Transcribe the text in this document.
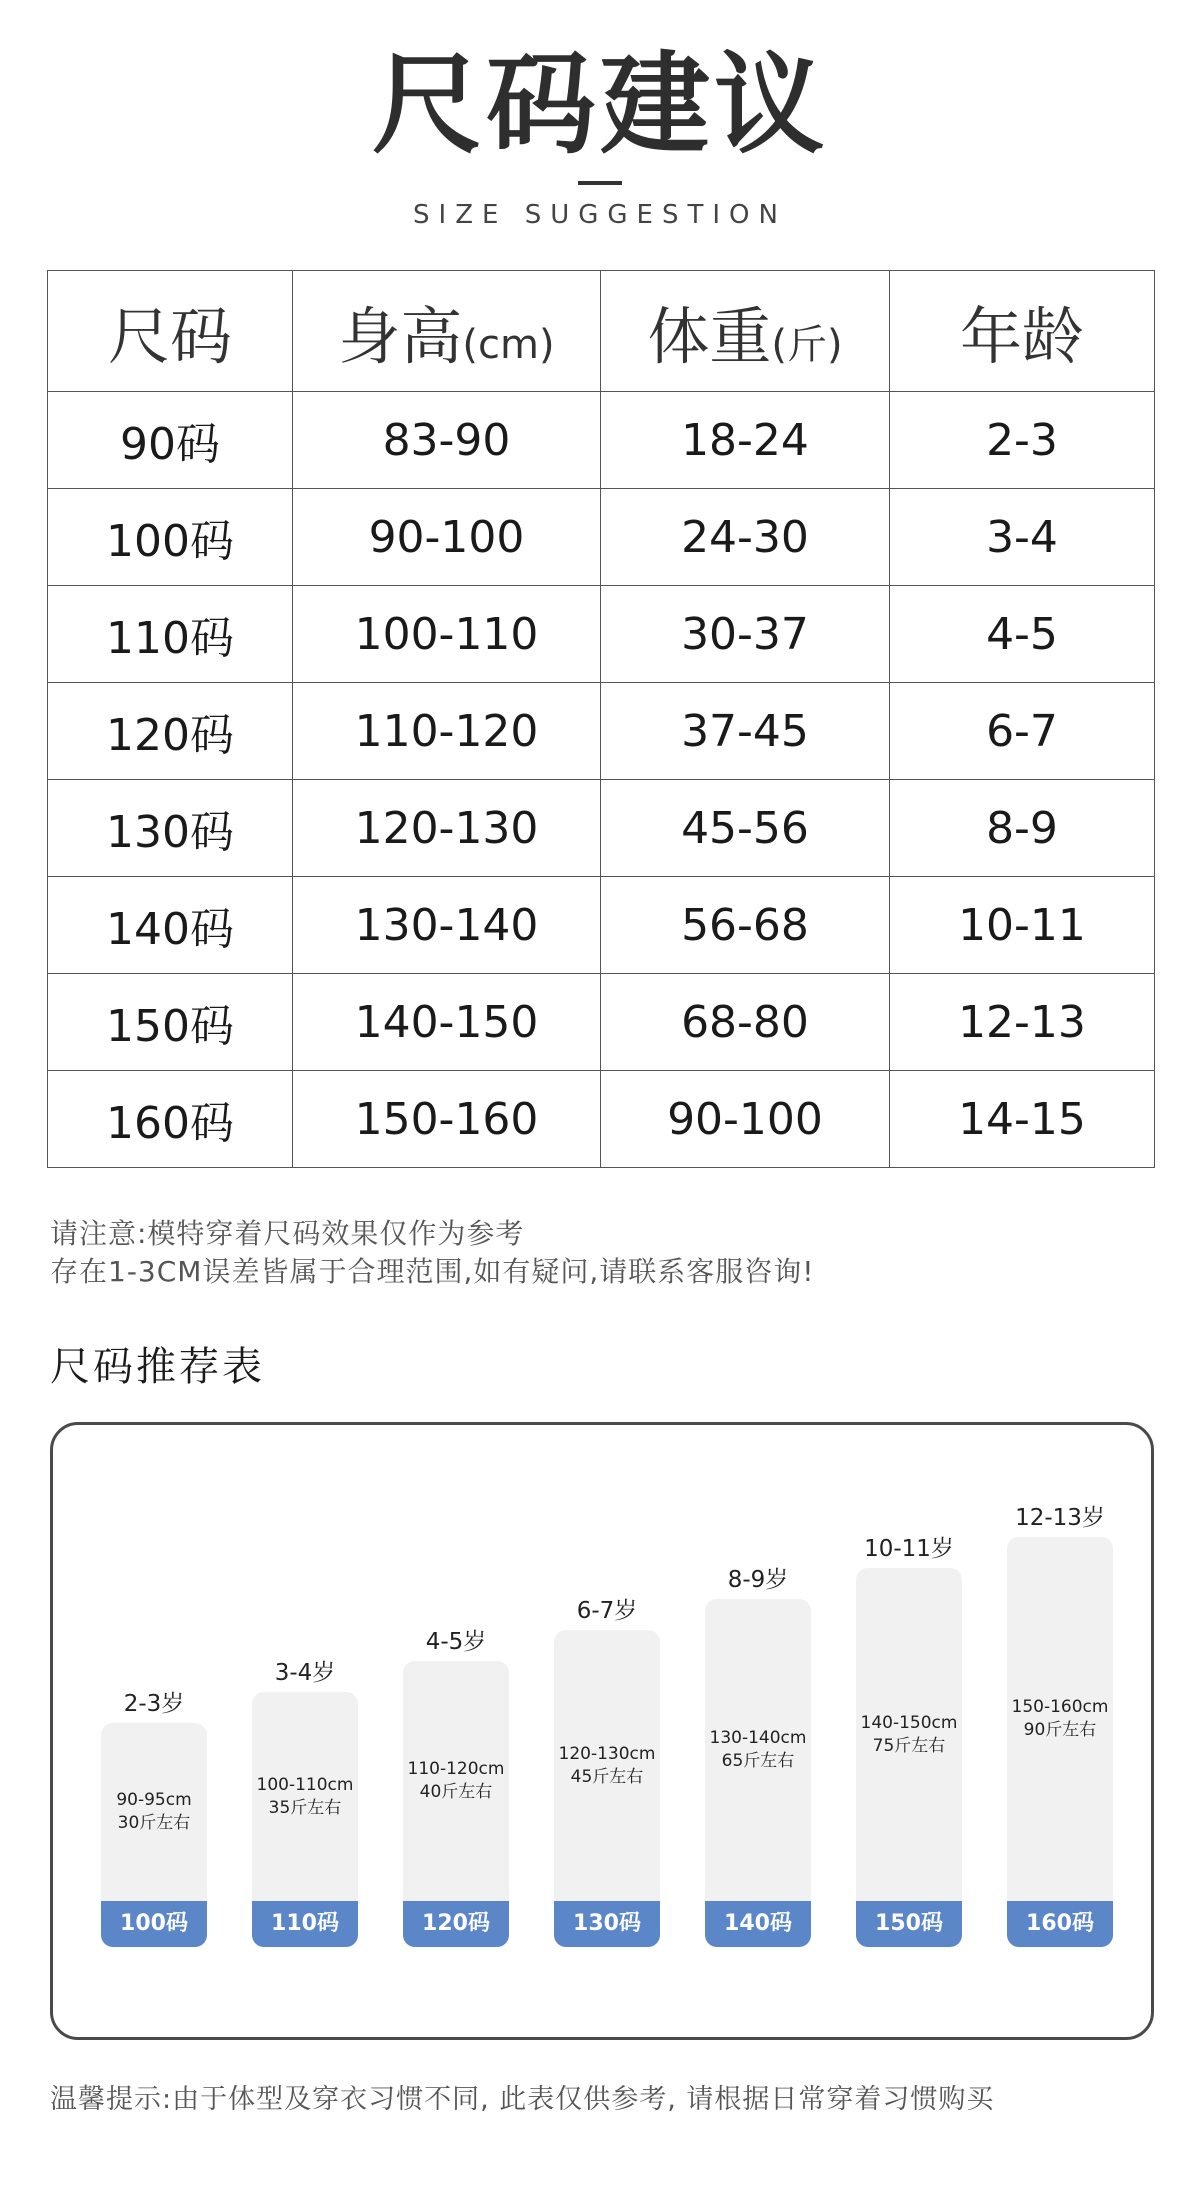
尺码建议
SIZE SUGGESTION
尺码	身高(cm)	体重(斤)	年龄
90码	83-90	18-24	2-3
100码	90-100	24-30	3-4
110码	100-110	30-37	4-5
120码	110-120	37-45	6-7
130码	120-130	45-56	8-9
140码	130-140	56-68	10-11
150码	140-150	68-80	12-13
160码	150-160	90-100	14-15
请注意:模特穿着尺码效果仅作为参考
存在1-3CM误差皆属于合理范围,如有疑问,请联系客服咨询!
尺码推荐表
2-3岁
90-95cm
30斤左右
100码
3-4岁
100-110cm
35斤左右
110码
4-5岁
110-120cm
40斤左右
120码
6-7岁
120-130cm
45斤左右
130码
8-9岁
130-140cm
65斤左右
140码
10-11岁
140-150cm
75斤左右
150码
12-13岁
150-160cm
90斤左右
160码
温馨提示:由于体型及穿衣习惯不同, 此表仅供参考, 请根据日常穿着习惯购买
